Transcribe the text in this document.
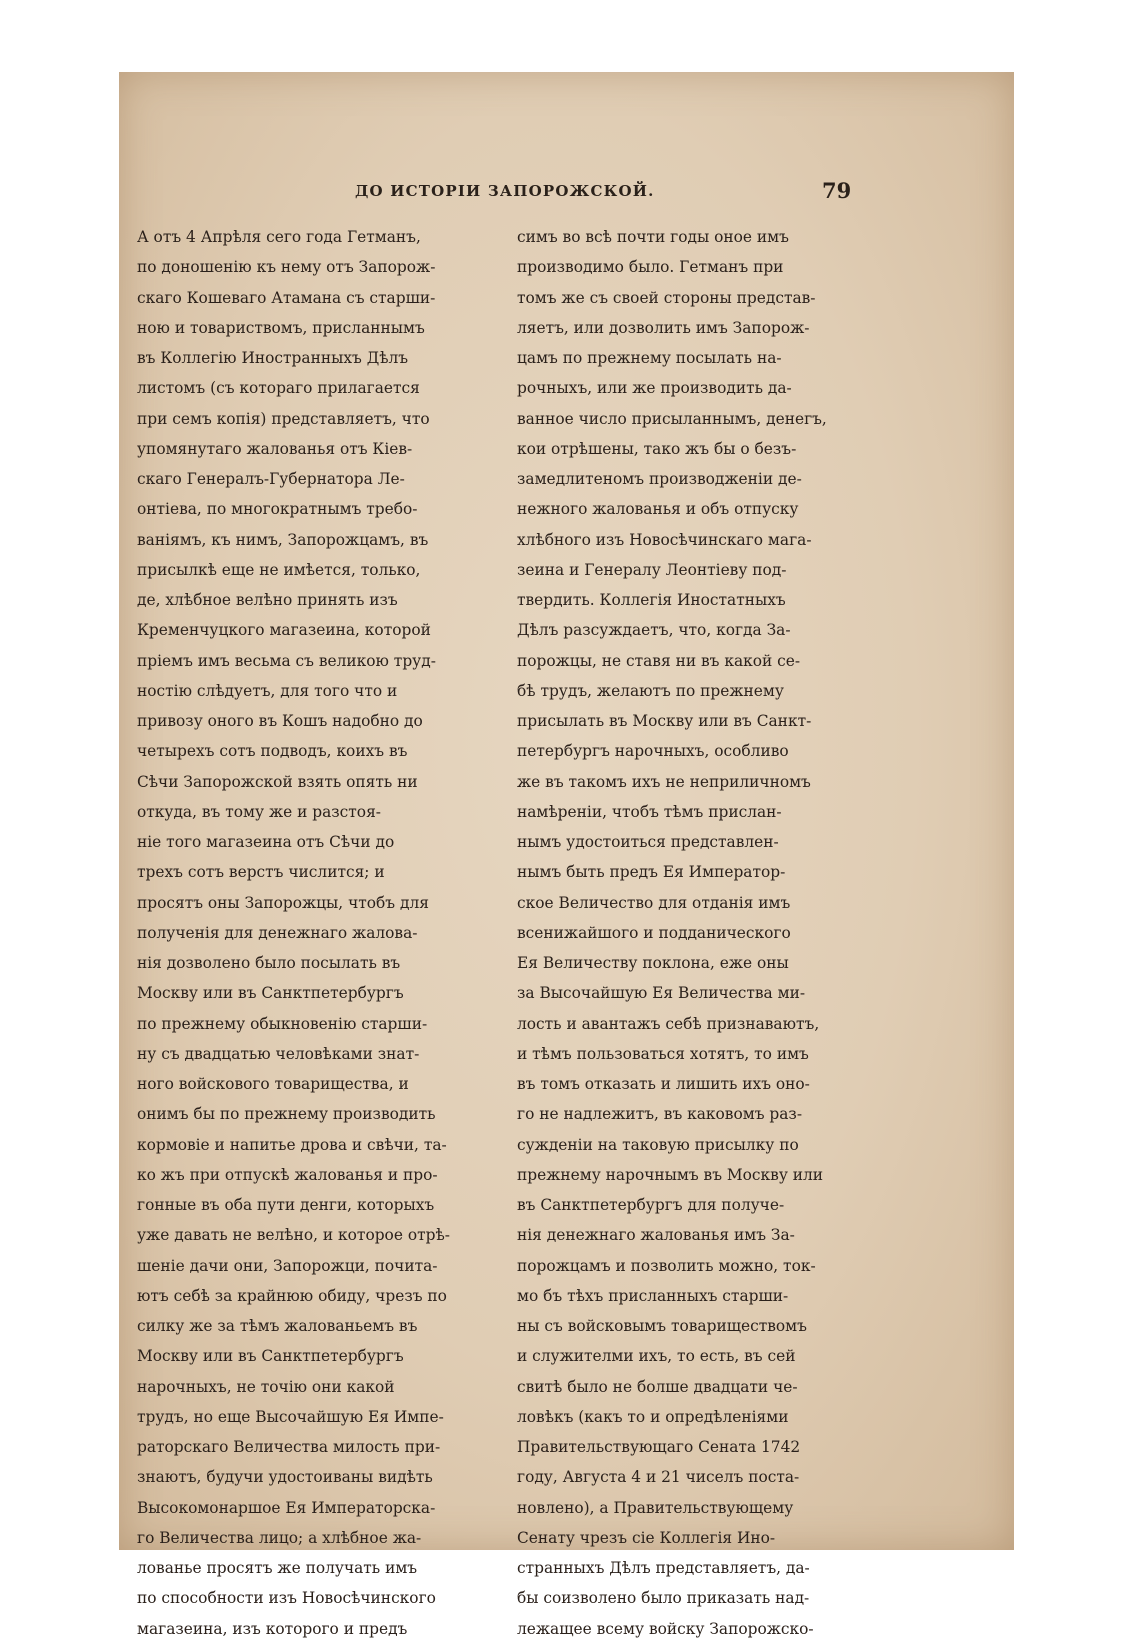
ДО ИСТОРІИ ЗАПОРОЖСКОЙ.	79
А отъ 4 Апрѣля сего года Гетманъ,
по доношенію къ нему отъ Запорож-
скаго Кошеваго Атамана съ старши-
ною и товариствомъ, присланнымъ
въ Коллегію Иностранныхъ Дѣлъ
листомъ (съ котораго прилагается
при семъ копія) представляетъ, что
упомянутаго жалованья отъ Кіев-
скаго Генералъ-Губернатора Ле-
онтіева, по многократнымъ требо-
ваніямъ, къ нимъ, Запорожцамъ, въ
присылкѣ еще не имѣется, только,
де, хлѣбное велѣно принять изъ
Кременчуцкого магазеина, которой
пріемъ имъ весьма съ великою труд-
ностію слѣдуетъ, для того что и
привозу оного въ Кошъ надобно до
четырехъ сотъ подводъ, коихъ въ
Сѣчи Запорожской взять опять ни
откуда, въ тому же и разстоя-
ніе того магазеина отъ Сѣчи до
трехъ сотъ верстъ числится; и
просятъ оны Запорожцы, чтобъ для
полученія для денежнаго жалова-
нія дозволено было посылать въ
Москву или въ Санктпетербургъ
по прежнему обыкновенію старши-
ну съ двадцатью человѣками знат-
ного войскового товарищества, и
онимъ бы по прежнему производить
кормовіе и напитье дрова и свѣчи, та-
ко жъ при отпускѣ жалованья и про-
гонные въ оба пути денги, которыхъ
уже давать не велѣно, и которое отрѣ-
шеніе дачи они, Запорожци, почита-
ютъ себѣ за крайнюю обиду, чрезъ по
силку же за тѣмъ жалованьемъ въ
Москву или въ Санктпетербургъ
нарочныхъ, не точію они какой
трудъ, но еще Высочайшую Ея Импе-
раторскаго Величества милость при-
знаютъ, будучи удостоиваны видѣть
Высокомонаршое Ея Императорска-
го Величества лицо; а хлѣбное жа-
лованье просятъ же получать имъ
по способности изъ Новосѣчинского
магазеина, изъ которого и предъ
симъ во всѣ почти годы оное имъ
производимо было. Гетманъ при
томъ же съ своей стороны представ-
ляетъ, или дозволить имъ Запорож-
цамъ по прежнему посылать на-
рочныхъ, или же производить да-
ванное число присыланнымъ, денегъ,
кои отрѣшены, тако жъ бы о безъ-
замедлитеномъ производженіи де-
нежного жалованья и объ отпуску
хлѣбного изъ Новосѣчинскаго мага-
зеина и Генералу Леонтіеву под-
твердить. Коллегія Иностатныхъ
Дѣлъ разсуждаетъ, что, когда За-
порожцы, не ставя ни въ какой се-
бѣ трудъ, желаютъ по прежнему
присылать въ Москву или въ Санкт-
петербургъ нарочныхъ, особливо
же въ такомъ ихъ не неприличномъ
намѣреніи, чтобъ тѣмъ прислан-
нымъ удостоиться представлен-
нымъ быть предъ Ея Император-
ское Величество для отданія имъ
всенижайшого и подданического
Ея Величеству поклона, еже оны
за Высочайшую Ея Величества ми-
лость и авантажъ себѣ признаваютъ,
и тѣмъ пользоваться хотятъ, то имъ
въ томъ отказать и лишить ихъ оно-
го не надлежитъ, въ каковомъ раз-
сужденіи на таковую присылку по
прежнему нарочнымъ въ Москву или
въ Санктпетербургъ для получе-
нія денежнаго жалованья имъ За-
порожцамъ и позволить можно, ток-
мо бъ тѣхъ присланныхъ старши-
ны съ войсковымъ товариществомъ
и служителми ихъ, то есть, въ сей
свитѣ было не болше двадцати че-
ловѣкъ (какъ то и опредѣленіями
Правительствующаго Сената 1742
году, Августа 4 и 21 чиселъ поста-
новлено), а Правительствующему
Сенату чрезъ сіе Коллегія Ино-
странныхъ Дѣлъ представляетъ, да-
бы соизволено было приказать над-
лежащее всему войску Запорожско-
